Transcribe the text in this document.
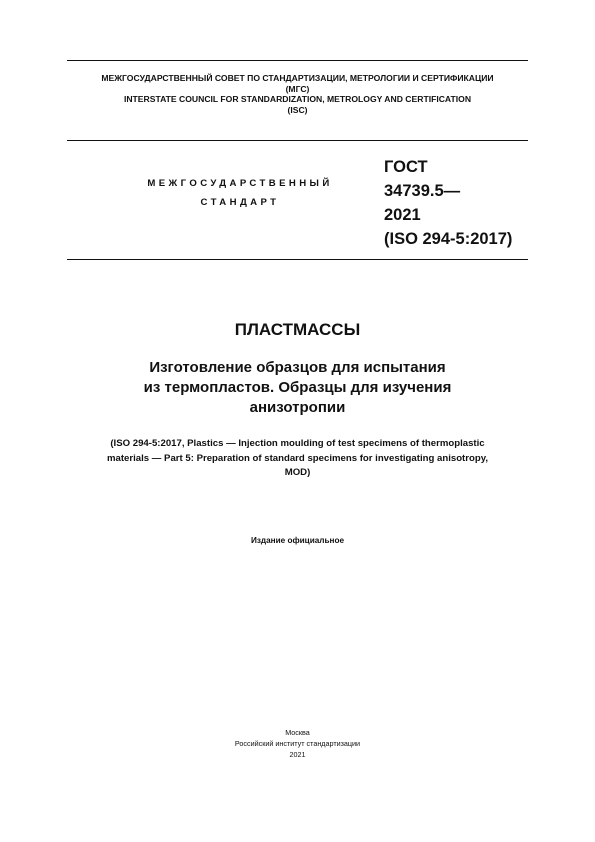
МЕЖГОСУДАРСТВЕННЫЙ СОВЕТ ПО СТАНДАРТИЗАЦИИ, МЕТРОЛОГИИ И СЕРТИФИКАЦИИ
(МГС)
INTERSTATE COUNCIL FOR STANDARDIZATION, METROLOGY AND CERTIFICATION
(ISC)
МЕЖГОСУДАРСТВЕННЫЙ
СТАНДАРТ
ГОСТ
34739.5—
2021
(ISO 294-5:2017)
ПЛАСТМАССЫ
Изготовление образцов для испытания
из термопластов. Образцы для изучения
анизотропии
(ISO 294-5:2017, Plastics — Injection moulding of test specimens of thermoplastic
materials — Part 5: Preparation of standard specimens for investigating anisotropy,
MOD)
Издание официальное
Москва
Российский институт стандартизации
2021
